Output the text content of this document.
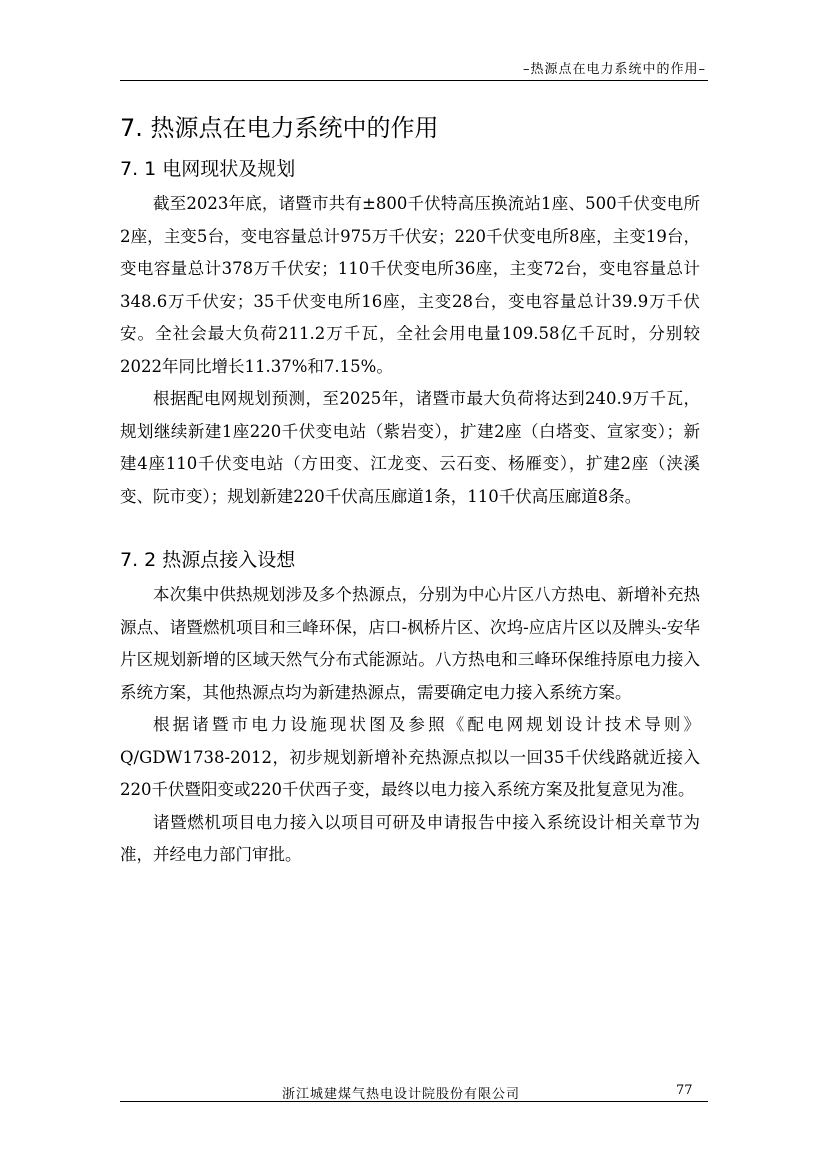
–热源点在电力系统中的作用–
7. 热源点在电力系统中的作用
7. 1 电网现状及规划

截至2023年底，诸暨市共有±800千伏特高压换流站1座、500千伏变电所2座，主变5台，变电容量总计975万千伏安；220千伏变电所8座，主变19台，变电容量总计378万千伏安；110千伏变电所36座，主变72台，变电容量总计348.6万千伏安；35千伏变电所16座，主变28台，变电容量总计39.9万千伏安。全社会最大负荷211.2万千瓦，全社会用电量109.58亿千瓦时，分别较2022年同比增长11.37%和7.15%。

根据配电网规划预测，至2025年，诸暨市最大负荷将达到240.9万千瓦，规划继续新建1座220千伏变电站（紫岩变），扩建2座（白塔变、宣家变）；新建4座110千伏变电站（方田变、江龙变、云石变、杨雁变），扩建2座（浃溪变、阮市变）；规划新建220千伏高压廊道1条，110千伏高压廊道8条。

7. 2 热源点接入设想

本次集中供热规划涉及多个热源点，分别为中心片区八方热电、新增补充热源点、诸暨燃机项目和三峰环保，店口-枫桥片区、次坞-应店片区以及牌头-安华片区规划新增的区域天然气分布式能源站。八方热电和三峰环保维持原电力接入系统方案，其他热源点均为新建热源点，需要确定电力接入系统方案。

根据诸暨市电力设施现状图及参照《配电网规划设计技术导则》Q/GDW1738-2012，初步规划新增补充热源点拟以一回35千伏线路就近接入220千伏暨阳变或220千伏西子变，最终以电力接入系统方案及批复意见为准。

诸暨燃机项目电力接入以项目可研及申请报告中接入系统设计相关章节为准，并经电力部门审批。

浙江城建煤气热电设计院股份有限公司	77
